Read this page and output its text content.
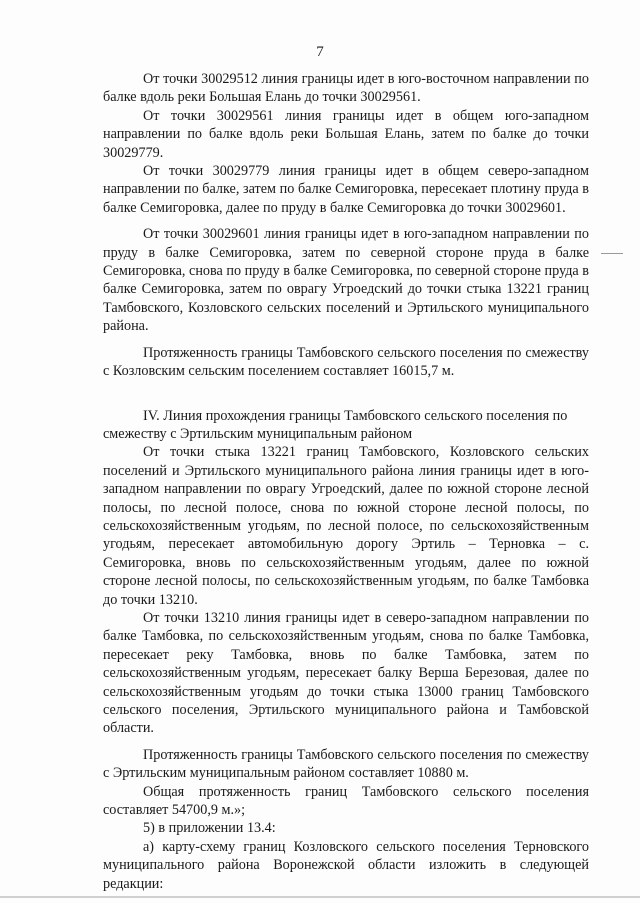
7

От точки 30029512 линия границы идет в юго-восточном направлении по балке вдоль реки Большая Елань до точки 30029561.

От точки 30029561 линия границы идет в общем юго-западном направлении по балке вдоль реки Большая Елань, затем по балке до точки 30029779.

От точки 30029779 линия границы идет в общем северо-западном направлении по балке, затем по балке Семигоровка, пересекает плотину пруда в балке Семигоровка, далее по пруду в балке Семигоровка до точки 30029601.

От точки 30029601 линия границы идет в юго-западном направлении по пруду в балке Семигоровка, затем по северной стороне пруда в балке Семигоровка, снова по пруду в балке Семигоровка, по северной стороне пруда в балке Семигоровка, затем по оврагу Угроедский до точки стыка 13221 границ Тамбовского, Козловского сельских поселений и Эртильского муниципального района.

Протяженность границы Тамбовского сельского поселения по смежеству с Козловским сельским поселением составляет 16015,7 м.

IV. Линия прохождения границы Тамбовского сельского поселения по смежеству с Эртильским муниципальным районом

От точки стыка 13221 границ Тамбовского, Козловского сельских поселений и Эртильского муниципального района линия границы идет в юго-западном направлении по оврагу Угроедский, далее по южной стороне лесной полосы, по лесной полосе, снова по южной стороне лесной полосы, по сельскохозяйственным угодьям, по лесной полосе, по сельскохозяйственным угодьям, пересекает автомобильную дорогу Эртиль – Терновка – с. Семигоровка, вновь по сельскохозяйственным угодьям, далее по южной стороне лесной полосы, по сельскохозяйственным угодьям, по балке Тамбовка до точки 13210.

От точки 13210 линия границы идет в северо-западном направлении по балке Тамбовка, по сельскохозяйственным угодьям, снова по балке Тамбовка, пересекает реку Тамбовка, вновь по балке Тамбовка, затем по сельскохозяйственным угодьям, пересекает балку Верша Березовая, далее по сельскохозяйственным угодьям до точки стыка 13000 границ Тамбовского сельского поселения, Эртильского муниципального района и Тамбовской области.

Протяженность границы Тамбовского сельского поселения по смежеству с Эртильским муниципальным районом составляет 10880 м.

Общая протяженность границ Тамбовского сельского поселения составляет 54700,9 м.»;

5) в приложении 13.4:

а) карту-схему границ Козловского сельского поселения Терновского муниципального района Воронежской области изложить в следующей редакции:
